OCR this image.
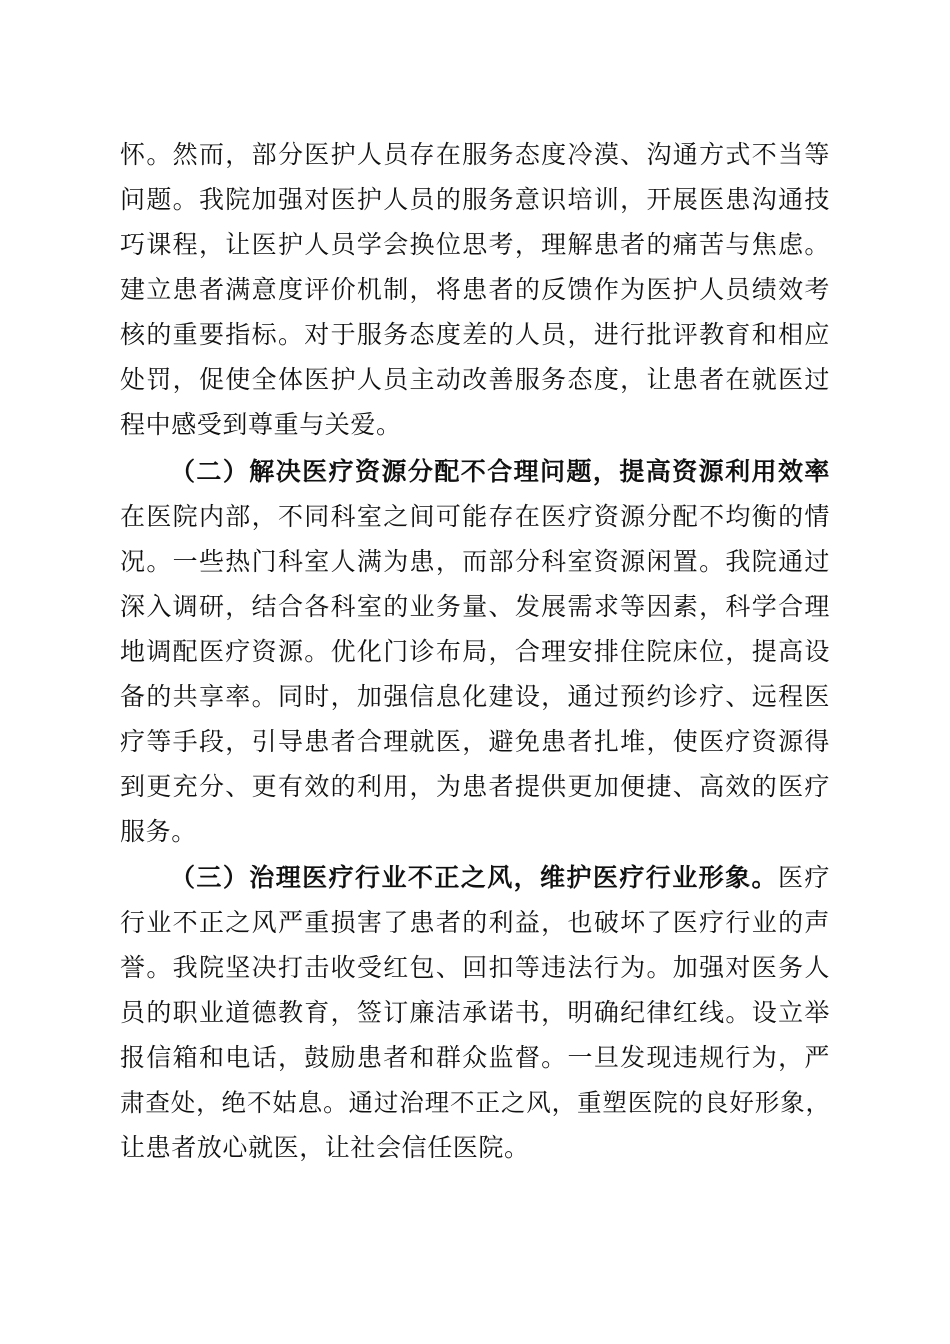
怀。然而，部分医护人员存在服务态度冷漠、沟通方式不当等
问题。我院加强对医护人员的服务意识培训，开展医患沟通技
巧课程，让医护人员学会换位思考，理解患者的痛苦与焦虑。
建立患者满意度评价机制，将患者的反馈作为医护人员绩效考
核的重要指标。对于服务态度差的人员，进行批评教育和相应
处罚，促使全体医护人员主动改善服务态度，让患者在就医过
程中感受到尊重与关爱。
（二）解决医疗资源分配不合理问题，提高资源利用效率
在医院内部，不同科室之间可能存在医疗资源分配不均衡的情
况。一些热门科室人满为患，而部分科室资源闲置。我院通过
深入调研，结合各科室的业务量、发展需求等因素，科学合理
地调配医疗资源。优化门诊布局，合理安排住院床位，提高设
备的共享率。同时，加强信息化建设，通过预约诊疗、远程医
疗等手段，引导患者合理就医，避免患者扎堆，使医疗资源得
到更充分、更有效的利用，为患者提供更加便捷、高效的医疗
服务。
（三）治理医疗行业不正之风，维护医疗行业形象。医疗
行业不正之风严重损害了患者的利益，也破坏了医疗行业的声
誉。我院坚决打击收受红包、回扣等违法行为。加强对医务人
员的职业道德教育，签订廉洁承诺书，明确纪律红线。设立举
报信箱和电话，鼓励患者和群众监督。一旦发现违规行为，严
肃查处，绝不姑息。通过治理不正之风，重塑医院的良好形象，
让患者放心就医，让社会信任医院。
